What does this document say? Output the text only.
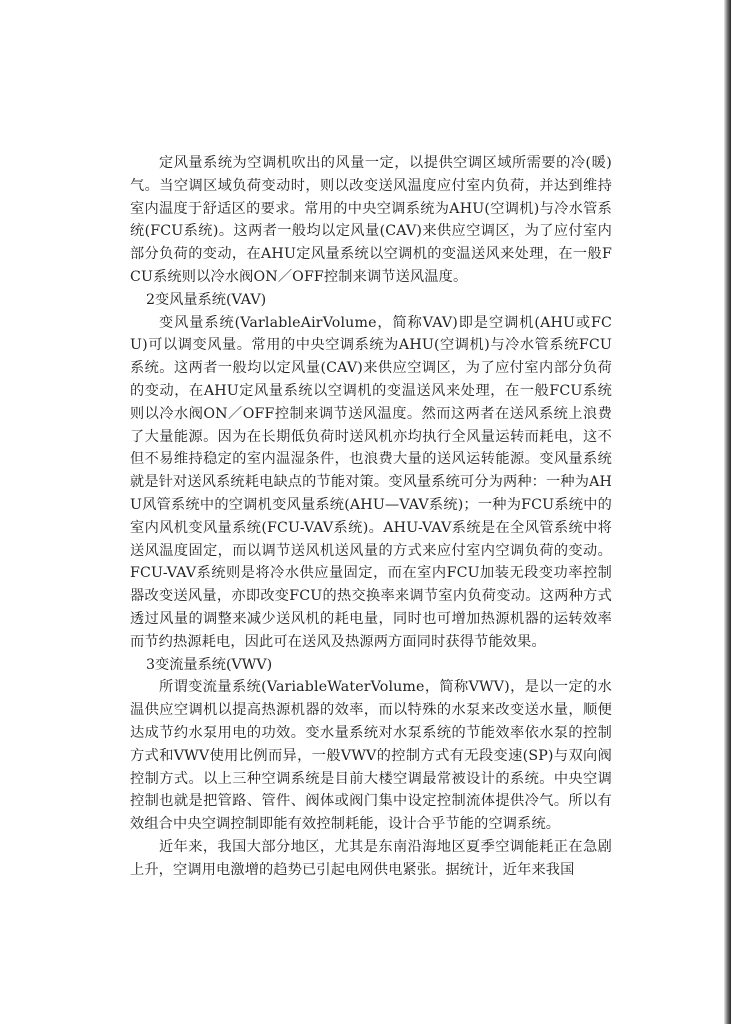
定风量系统为空调机吹出的风量一定，以提供空调区域所需要的冷(暖)气。当空调区域负荷变动时，则以改变送风温度应付室内负荷，并达到维持室内温度于舒适区的要求。常用的中央空调系统为AHU(空调机)与冷水管系统(FCU系统)。这两者一般均以定风量(CAV)来供应空调区，为了应付室内部分负荷的变动，在AHU定风量系统以空调机的变温送风来处理，在一般FCU系统则以冷水阀ON／OFF控制来调节送风温度。

2变风量系统(VAV)

变风量系统(VarlableAirVolume，简称VAV)即是空调机(AHU或FCU)可以调变风量。常用的中央空调系统为AHU(空调机)与冷水管系统FCU系统。这两者一般均以定风量(CAV)来供应空调区，为了应付室内部分负荷的变动，在AHU定风量系统以空调机的变温送风来处理，在一般FCU系统则以冷水阀ON／OFF控制来调节送风温度。然而这两者在送风系统上浪费了大量能源。因为在长期低负荷时送风机亦均执行全风量运转而耗电，这不但不易维持稳定的室内温湿条件，也浪费大量的送风运转能源。变风量系统就是针对送风系统耗电缺点的节能对策。变风量系统可分为两种：一种为AHU风管系统中的空调机变风量系统(AHU—VAV系统)；一种为FCU系统中的室内风机变风量系统(FCU-VAV系统)。AHU-VAV系统是在全风管系统中将送风温度固定，而以调节送风机送风量的方式来应付室内空调负荷的变动。FCU-VAV系统则是将冷水供应量固定，而在室内FCU加装无段变功率控制器改变送风量，亦即改变FCU的热交换率来调节室内负荷变动。这两种方式透过风量的调整来减少送风机的耗电量，同时也可增加热源机器的运转效率而节约热源耗电，因此可在送风及热源两方面同时获得节能效果。

3变流量系统(VWV)

所谓变流量系统(VariableWaterVolume，简称VWV)，是以一定的水温供应空调机以提高热源机器的效率，而以特殊的水泵来改变送水量，顺便达成节约水泵用电的功效。变水量系统对水泵系统的节能效率依水泵的控制方式和VWV使用比例而异，一般VWV的控制方式有无段变速(SP)与双向阀控制方式。以上三种空调系统是目前大楼空调最常被设计的系统。中央空调控制也就是把管路、管件、阀体或阀门集中设定控制流体提供冷气。所以有效组合中央空调控制即能有效控制耗能，设计合乎节能的空调系统。

近年来，我国大部分地区，尤其是东南沿海地区夏季空调能耗正在急剧上升，空调用电激增的趋势已引起电网供电紧张。据统计，近年来我国
